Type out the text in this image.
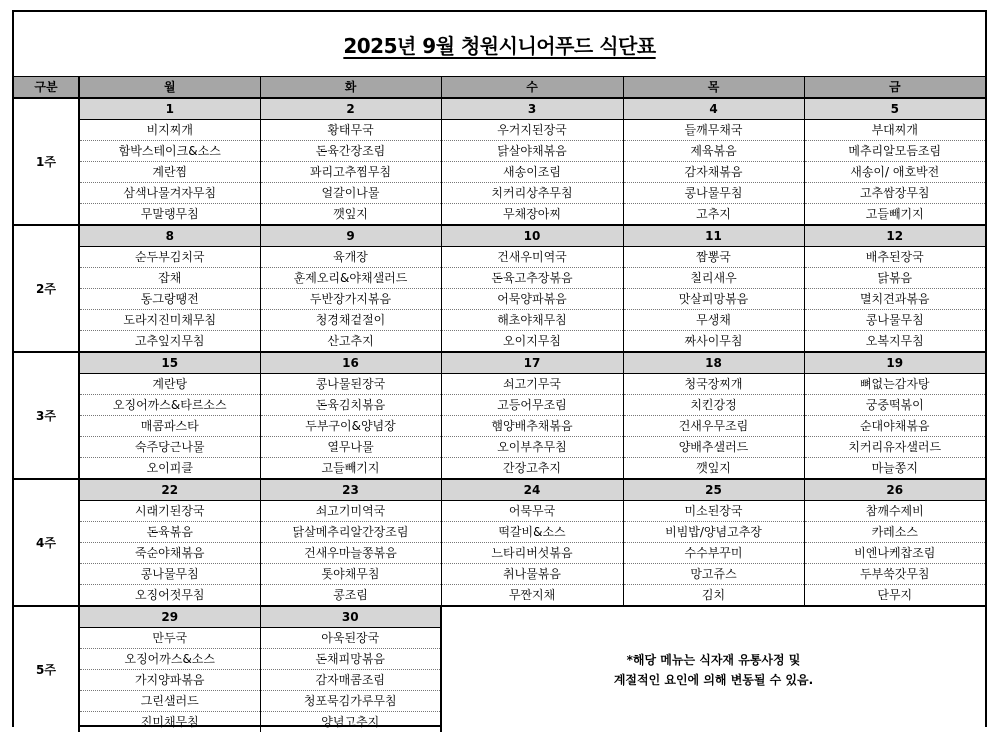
2025년 9월 청원시니어푸드 식단표
구분	월	화	수	목	금
1주	1	2	3	4	5
	비지찌개	황태무국	우거지된장국	들깨무채국	부대찌개
	함박스테이크&소스	돈육간장조림	닭살야채볶음	제육볶음	메추리알모듬조림
	계란찜	꽈리고추찜무침	새송이조림	감자채볶음	새송이/ 애호박전
	삼색나물겨자무침	얼갈이나물	치커리상추무침	콩나물무침	고추쌈장무침
	무말랭무침	깻잎지	무채장아찌	고추지	고들빼기지
2주	8	9	10	11	12
	순두부김치국	육개장	건새우미역국	짬뽕국	배추된장국
	잡채	훈제오리&야채샐러드	돈육고추장볶음	칠리새우	닭볶음
	동그랑땡전	두반장가지볶음	어묵양파볶음	맛살피망볶음	멸치견과볶음
	도라지진미채무침	청경채겉절이	해초야채무침	무생채	콩나물무침
	고추잎지무침	산고추지	오이지무침	짜사이무침	오복지무침
3주	15	16	17	18	19
	계란탕	콩나물된장국	쇠고기무국	청국장찌개	뼈없는감자탕
	오징어까스&타르소스	돈육김치볶음	고등어무조림	치킨강정	궁중떡볶이
	매콤파스타	두부구이&양념장	햄양배추채볶음	건새우무조림	순대야채볶음
	숙주당근나물	열무나물	오이부추무침	양배추샐러드	치커리유자샐러드
	오이피클	고들빼기지	간장고추지	깻잎지	마늘쫑지
4주	22	23	24	25	26
	시래기된장국	쇠고기미역국	어묵무국	미소된장국	참깨수제비
	돈육볶음	닭살메추리알간장조림	떡갈비&소스	비빔밥/양념고추장	카레소스
	죽순야채볶음	건새우마늘쫑볶음	느타리버섯볶음	수수부꾸미	비엔나케찹조림
	콩나물무침	톳야채무침	취나물볶음	망고쥬스	두부쑥갓무침
	오징어젓무침	콩조림	무짠지채	김치	단무지
5주	29	30	*해당 메뉴는 식자재 유통사정 및
계절적인 요인에 의해 변동될 수 있음.		

	만두국	아욱된장국			
	오징어까스&소스	돈채피망볶음			
	가지양파볶음	감자매콤조림			
	그린샐러드	청포묵김가루무침			
	진미채무침	양념고추지			
